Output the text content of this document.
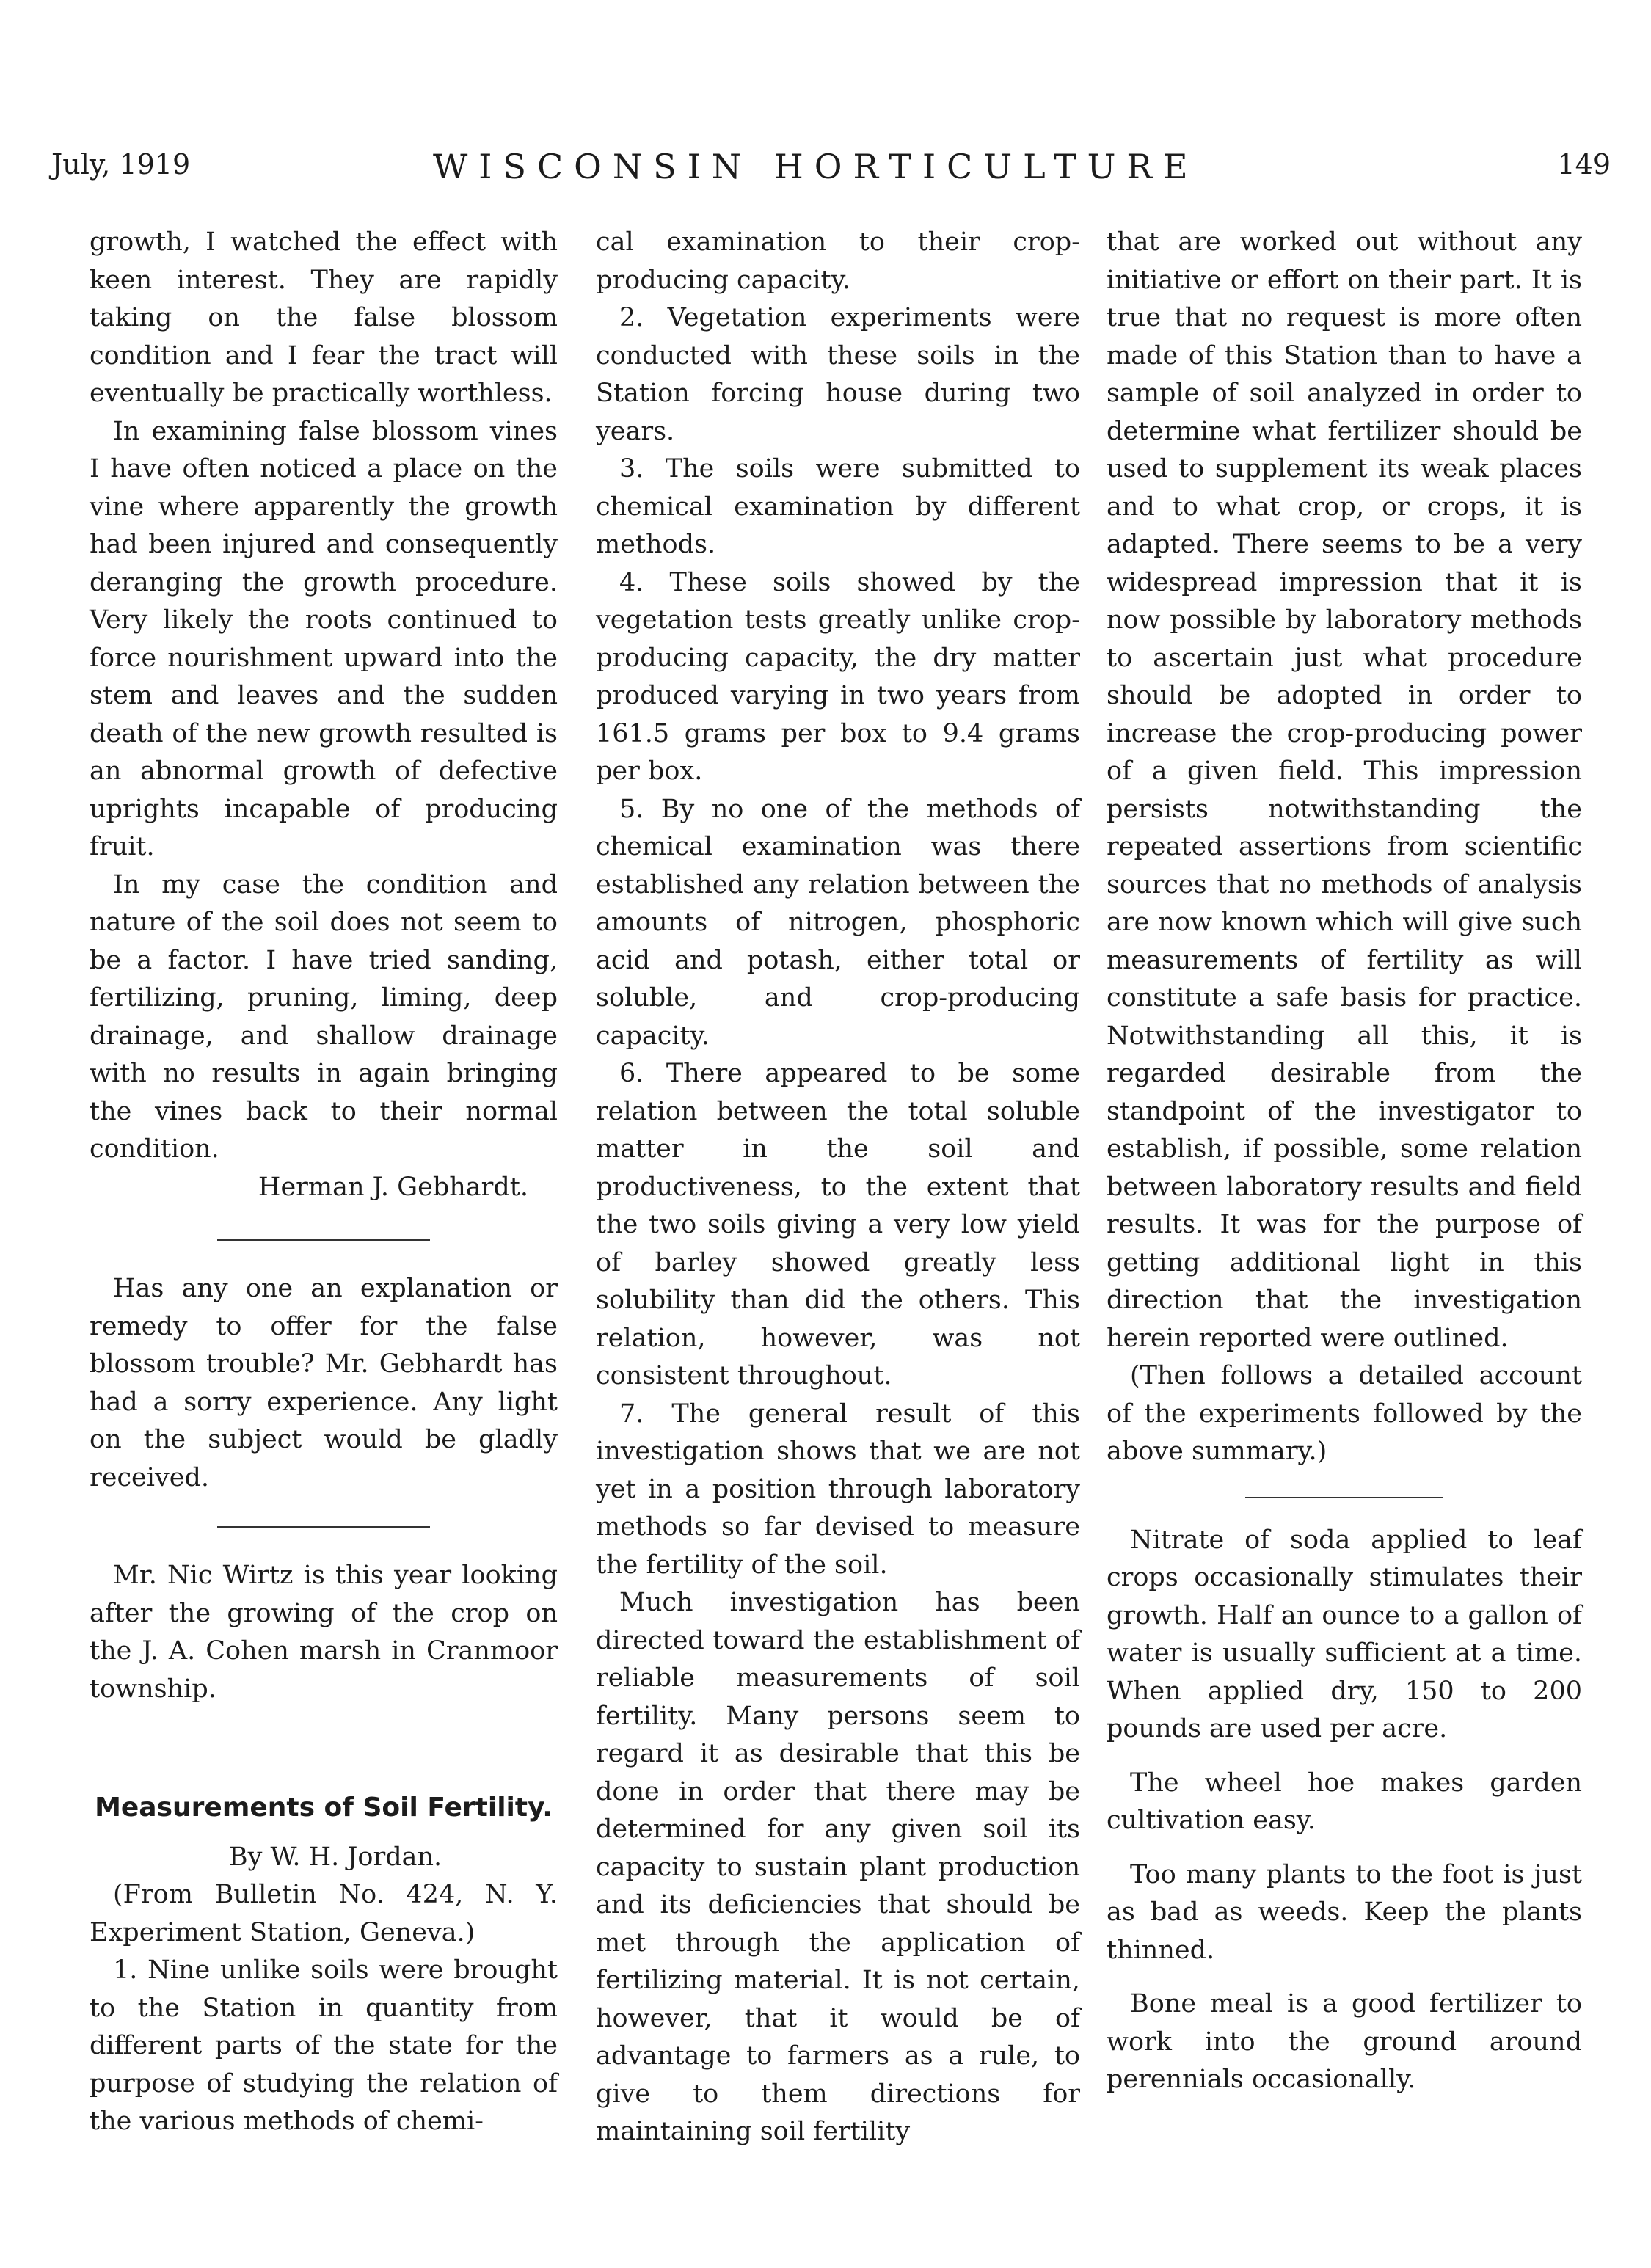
July, 1919	WISCONSIN HORTICULTURE	149

growth, I watched the effect with keen interest. They are rapidly taking on the false blossom condition and I fear the tract will eventually be practically worthless.

In examining false blossom vines I have often noticed a place on the vine where apparently the growth had been injured and consequently deranging the growth procedure. Very likely the roots continued to force nourishment upward into the stem and leaves and the sudden death of the new growth resulted is an abnormal growth of defective uprights incapable of producing fruit.

In my case the condition and nature of the soil does not seem to be a factor. I have tried sanding, fertilizing, pruning, liming, deep drainage, and shallow drainage with no results in again bringing the vines back to their normal condition.

Herman J. Gebhardt.

Has any one an explanation or remedy to offer for the false blossom trouble? Mr. Gebhardt has had a sorry experience. Any light on the subject would be gladly received.

Mr. Nic Wirtz is this year looking after the growing of the crop on the J. A. Cohen marsh in Cranmoor township.

Measurements of Soil Fertility.

By W. H. Jordan.

(From Bulletin No. 424, N. Y. Experiment Station, Geneva.)

1. Nine unlike soils were brought to the Station in quantity from different parts of the state for the purpose of studying the relation of the various methods of chemi-

cal examination to their crop-producing capacity.

2. Vegetation experiments were conducted with these soils in the Station forcing house during two years.

3. The soils were submitted to chemical examination by different methods.

4. These soils showed by the vegetation tests greatly unlike crop-producing capacity, the dry matter produced varying in two years from 161.5 grams per box to 9.4 grams per box.

5. By no one of the methods of chemical examination was there established any relation between the amounts of nitrogen, phosphoric acid and potash, either total or soluble, and crop-producing capacity.

6. There appeared to be some relation between the total soluble matter in the soil and productiveness, to the extent that the two soils giving a very low yield of barley showed greatly less solubility than did the others. This relation, however, was not consistent throughout.

7. The general result of this investigation shows that we are not yet in a position through laboratory methods so far devised to measure the fertility of the soil.

Much investigation has been directed toward the establishment of reliable measurements of soil fertility. Many persons seem to regard it as desirable that this be done in order that there may be determined for any given soil its capacity to sustain plant production and its deficiencies that should be met through the application of fertilizing material. It is not certain, however, that it would be of advantage to farmers as a rule, to give to them directions for maintaining soil fertility

that are worked out without any initiative or effort on their part. It is true that no request is more often made of this Station than to have a sample of soil analyzed in order to determine what fertilizer should be used to supplement its weak places and to what crop, or crops, it is adapted. There seems to be a very widespread impression that it is now possible by laboratory methods to ascertain just what procedure should be adopted in order to increase the crop-producing power of a given field. This impression persists notwithstanding the repeated assertions from scientific sources that no methods of analysis are now known which will give such measurements of fertility as will constitute a safe basis for practice. Notwithstanding all this, it is regarded desirable from the standpoint of the investigator to establish, if possible, some relation between laboratory results and field results. It was for the purpose of getting additional light in this direction that the investigation herein reported were outlined.

(Then follows a detailed account of the experiments followed by the above summary.)

Nitrate of soda applied to leaf crops occasionally stimulates their growth. Half an ounce to a gallon of water is usually sufficient at a time. When applied dry, 150 to 200 pounds are used per acre.

The wheel hoe makes garden cultivation easy.

Too many plants to the foot is just as bad as weeds. Keep the plants thinned.

Bone meal is a good fertilizer to work into the ground around perennials occasionally.
